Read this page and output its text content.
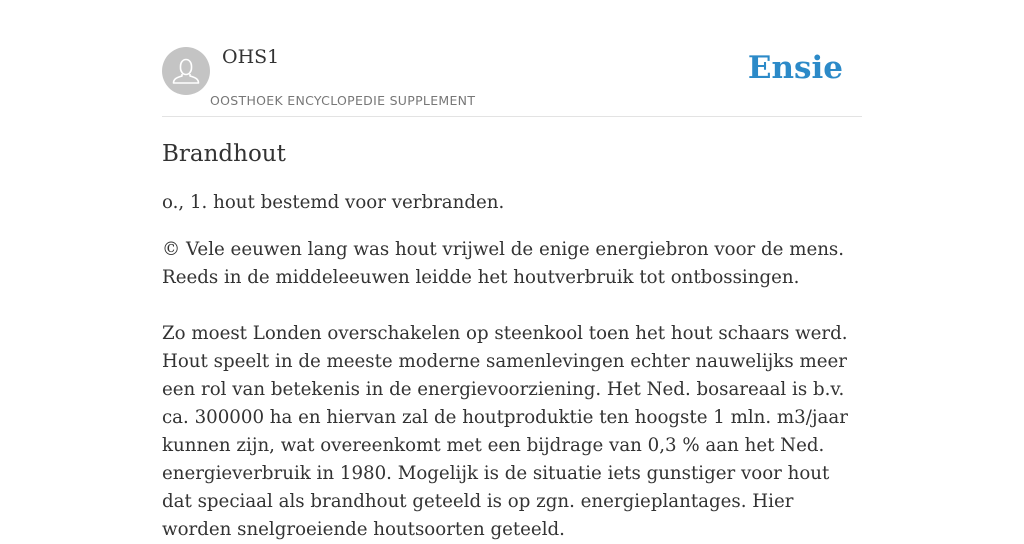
OHS1
OOSTHOEK ENCYCLOPEDIE SUPPLEMENT
Ensie
Brandhout

o., 1. hout bestemd voor verbranden.

© Vele eeuwen lang was hout vrijwel de enige energiebron voor de mens. Reeds in de middeleeuwen leidde het houtverbruik tot ontbossingen.

Zo moest Londen overschakelen op steenkool toen het hout schaars werd. Hout speelt in de meeste moderne samenlevingen echter nauwelijks meer een rol van betekenis in de energievoorziening. Het Ned. bosareaal is b.v. ca. 300000 ha en hiervan zal de houtproduktie ten hoogste 1 mln. m3/jaar kunnen zijn, wat overeenkomt met een bijdrage van 0,3 % aan het Ned. energieverbruik in 1980. Mogelijk is de situatie iets gunstiger voor hout dat speciaal als brandhout geteeld is op zgn. energieplantages. Hier worden snelgroeiende houtsoorten geteeld.
